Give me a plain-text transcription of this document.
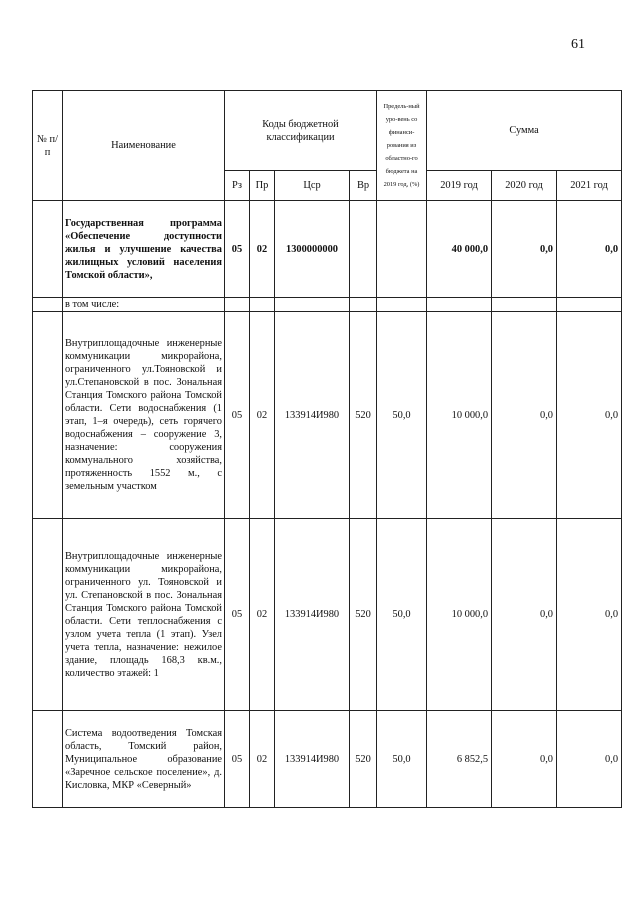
61
№ п/п	Наименование	Коды бюджетной классификации				Предель‐ный уро‐вень со финанси‐рования из областно‐го бюджета на 2019 год, (%)	Сумма		
		Рз	Пр	Цср	Вр		2019 год	2020 год	2021 год
	Государственная программа «Обеспечение доступности жилья и улучшение качества жилищных условий населения Томской области»,	05	02	1300000000			40 000,0	0,0	0,0
	в том числе:								
	Внутриплощадочные инженерные коммуникации микрорайона, ограниченного ул.Тояновской и ул.Степановской в пос. Зональная Станция Томского района Томской области. Сети водоснабжения (1 этап, 1–я очередь), сеть горячего водоснабжения – сооружение 3, назначение: сооружения коммунального хозяйства, протяженность 1552 м., с земельным участком	05	02	133914И980	520	50,0	10 000,0	0,0	0,0
	Внутриплощадочные инженерные коммуникации микрорайона, ограниченного ул. Тояновской и ул. Степановской в пос. Зональная Станция Томского района Томской области. Сети теплоснабжения с узлом учета тепла (1 этап). Узел учета тепла, назначение: нежилое здание, площадь 168,3 кв.м., количество этажей: 1	05	02	133914И980	520	50,0	10 000,0	0,0	0,0
	Система водоотведения Томская область, Томский район, Муниципальное образование «Заречное сельское поселение», д. Кисловка, МКР «Северный»	05	02	133914И980	520	50,0	6 852,5	0,0	0,0
